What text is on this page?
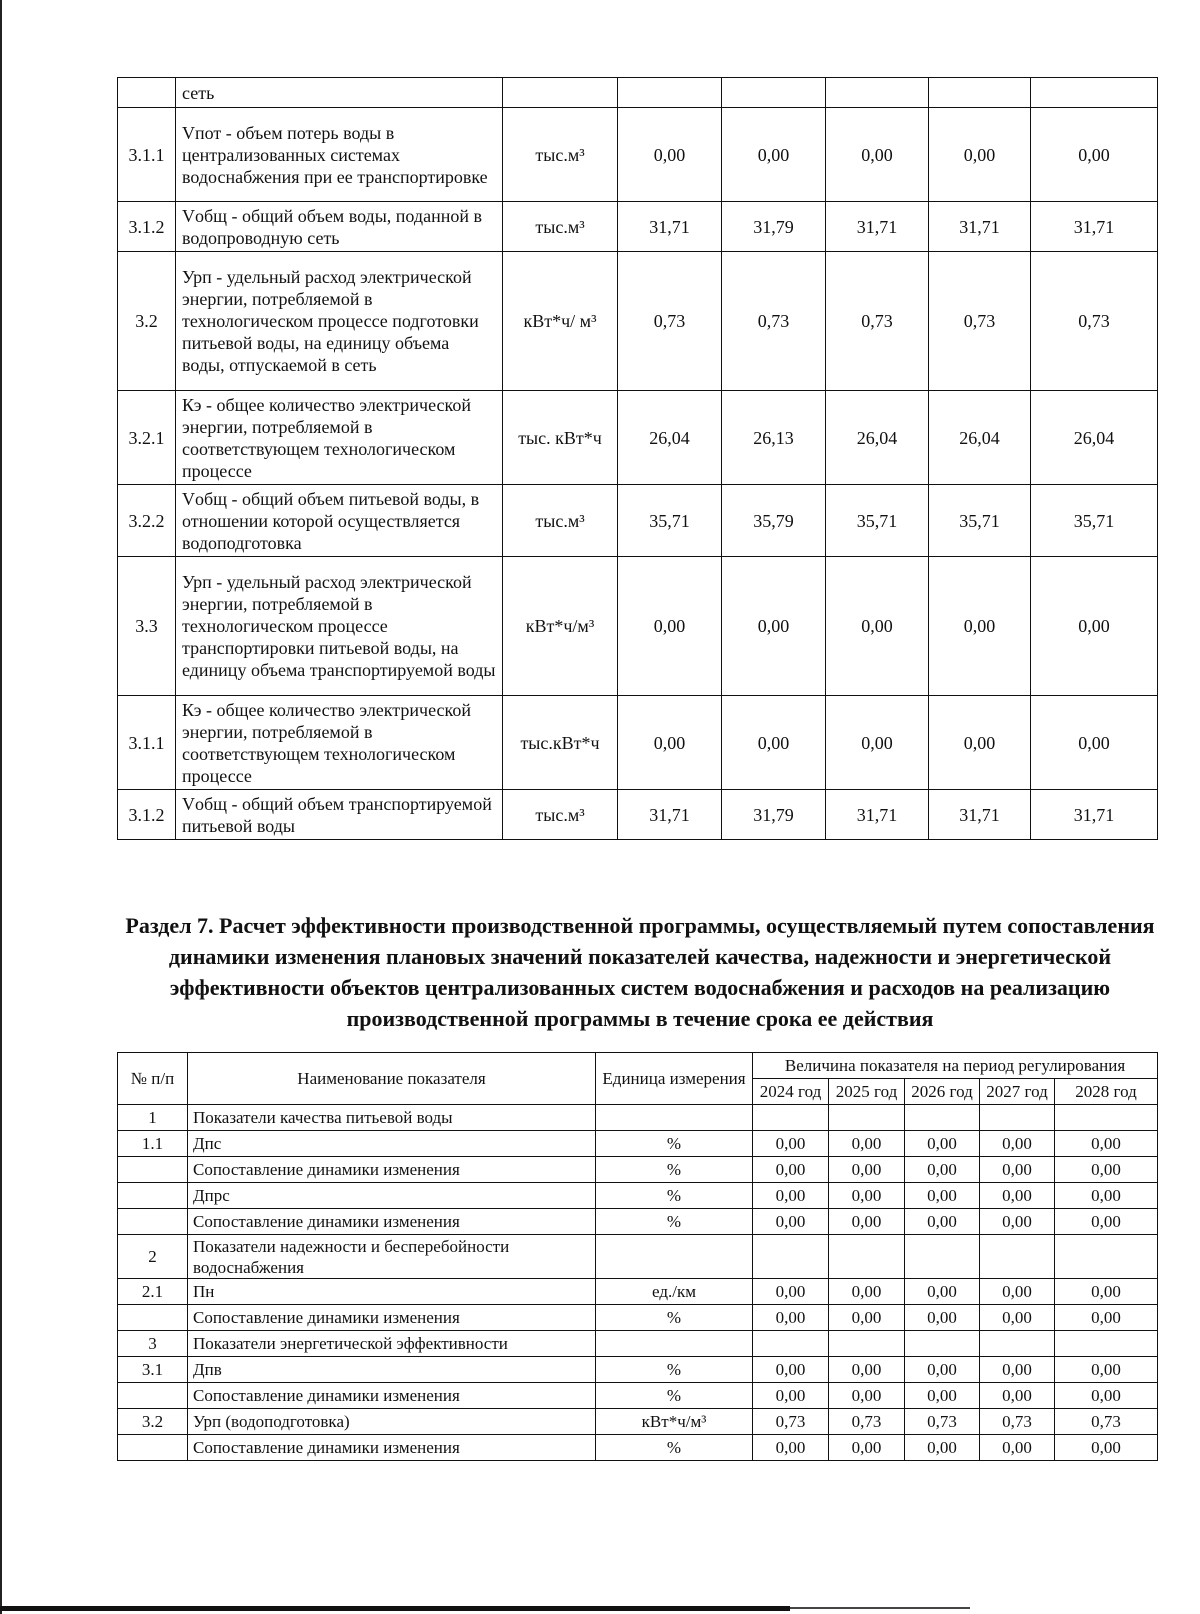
	сеть						
3.1.1	Vпот - объем потерь воды в централизованных системах водоснабжения при ее транспортировке	тыс.м³	0,00	0,00	0,00	0,00	0,00
3.1.2	Vобщ - общий объем воды, поданной в водопроводную сеть	тыс.м³	31,71	31,79	31,71	31,71	31,71
3.2	Урп - удельный расход электрической энергии, потребляемой в технологическом процессе подготовки питьевой воды, на единицу объема воды, отпускаемой в сеть	кВт*ч/ м³	0,73	0,73	0,73	0,73	0,73
3.2.1	Кэ - общее количество электрической энергии, потребляемой в соответствующем технологическом процессе	тыс. кВт*ч	26,04	26,13	26,04	26,04	26,04
3.2.2	Vобщ - общий объем питьевой воды, в отношении которой осуществляется водоподготовка	тыс.м³	35,71	35,79	35,71	35,71	35,71
3.3	Урп - удельный расход электрической энергии, потребляемой в технологическом процессе транспортировки питьевой воды, на единицу объема транспортируемой воды	кВт*ч/м³	0,00	0,00	0,00	0,00	0,00
3.1.1	Кэ - общее количество электрической энергии, потребляемой в соответствующем технологическом процессе	тыс.кВт*ч	0,00	0,00	0,00	0,00	0,00
3.1.2	Vобщ - общий объем транспортируемой питьевой воды	тыс.м³	31,71	31,79	31,71	31,71	31,71
Раздел 7. Расчет эффективности производственной программы, осуществляемый путем сопоставления динамики изменения плановых значений показателей качества, надежности и энергетической эффективности объектов централизованных систем водоснабжения и расходов на реализацию производственной программы в течение срока ее действия
№ п/п	Наименование показателя	Единица измерения	Величина показателя на период регулирования				
			2024 год	2025 год	2026 год	2027 год	2028 год
1	Показатели качества питьевой воды						
1.1	Дпс	%	0,00	0,00	0,00	0,00	0,00
	Сопоставление динамики изменения	%	0,00	0,00	0,00	0,00	0,00
	Дпрс	%	0,00	0,00	0,00	0,00	0,00
	Сопоставление динамики изменения	%	0,00	0,00	0,00	0,00	0,00
2	Показатели надежности и бесперебойности водоснабжения						
2.1	Пн	ед./км	0,00	0,00	0,00	0,00	0,00
	Сопоставление динамики изменения	%	0,00	0,00	0,00	0,00	0,00
3	Показатели энергетической эффективности						
3.1	Дпв	%	0,00	0,00	0,00	0,00	0,00
	Сопоставление динамики изменения	%	0,00	0,00	0,00	0,00	0,00
3.2	Урп (водоподготовка)	кВт*ч/м³	0,73	0,73	0,73	0,73	0,73
	Сопоставление динамики изменения	%	0,00	0,00	0,00	0,00	0,00
